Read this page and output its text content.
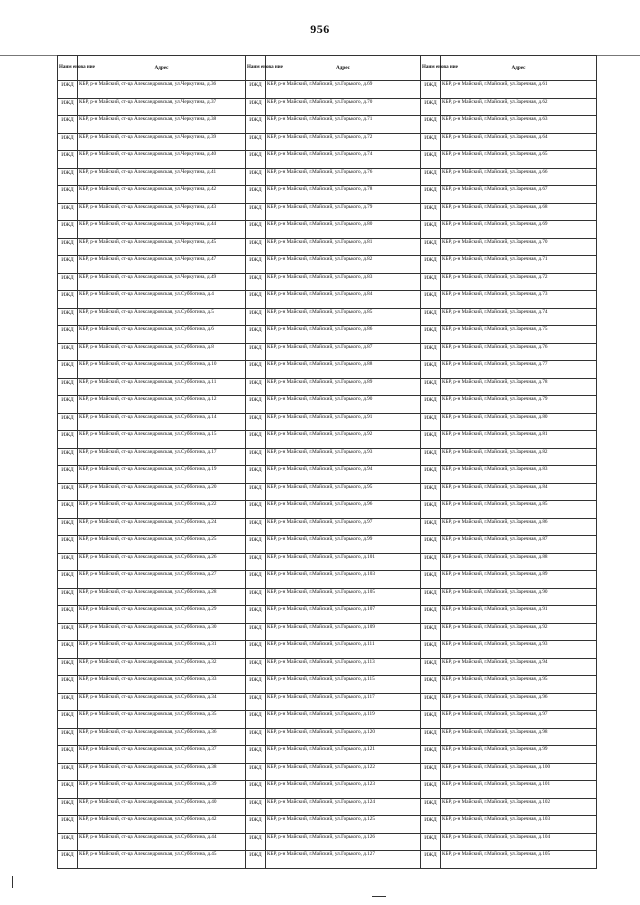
956
Наим енова ние	Адрес	Наим енова ние	Адрес	Наим енова ние	Адрес
ИЖД	КБР, р-н Майский, ст-ца Александровская, ул.Черкутина, д.36	ИЖД	КБР, р-н Майский, г.Майский, ул.Горького, д.69	ИЖД	КБР, р-н Майский, г.Майский, ул.Заречная, д.61
ИЖД	КБР, р-н Майский, ст-ца Александровская, ул.Черкутина, д.37	ИЖД	КБР, р-н Майский, г.Майский, ул.Горького, д.70	ИЖД	КБР, р-н Майский, г.Майский, ул.Заречная, д.62
ИЖД	КБР, р-н Майский, ст-ца Александровская, ул.Черкутина, д.38	ИЖД	КБР, р-н Майский, г.Майский, ул.Горького, д.71	ИЖД	КБР, р-н Майский, г.Майский, ул.Заречная, д.63
ИЖД	КБР, р-н Майский, ст-ца Александровская, ул.Черкутина, д.39	ИЖД	КБР, р-н Майский, г.Майский, ул.Горького, д.72	ИЖД	КБР, р-н Майский, г.Майский, ул.Заречная, д.64
ИЖД	КБР, р-н Майский, ст-ца Александровская, ул.Черкутина, д.40	ИЖД	КБР, р-н Майский, г.Майский, ул.Горького, д.74	ИЖД	КБР, р-н Майский, г.Майский, ул.Заречная, д.65
ИЖД	КБР, р-н Майский, ст-ца Александровская, ул.Черкутина, д.41	ИЖД	КБР, р-н Майский, г.Майский, ул.Горького, д.76	ИЖД	КБР, р-н Майский, г.Майский, ул.Заречная, д.66
ИЖД	КБР, р-н Майский, ст-ца Александровская, ул.Черкутина, д.42	ИЖД	КБР, р-н Майский, г.Майский, ул.Горького, д.78	ИЖД	КБР, р-н Майский, г.Майский, ул.Заречная, д.67
ИЖД	КБР, р-н Майский, ст-ца Александровская, ул.Черкутина, д.43	ИЖД	КБР, р-н Майский, г.Майский, ул.Горького, д.79	ИЖД	КБР, р-н Майский, г.Майский, ул.Заречная, д.68
ИЖД	КБР, р-н Майский, ст-ца Александровская, ул.Черкутина, д.44	ИЖД	КБР, р-н Майский, г.Майский, ул.Горького, д.80	ИЖД	КБР, р-н Майский, г.Майский, ул.Заречная, д.69
ИЖД	КБР, р-н Майский, ст-ца Александровская, ул.Черкутина, д.45	ИЖД	КБР, р-н Майский, г.Майский, ул.Горького, д.81	ИЖД	КБР, р-н Майский, г.Майский, ул.Заречная, д.70
ИЖД	КБР, р-н Майский, ст-ца Александровская, ул.Черкутина, д.47	ИЖД	КБР, р-н Майский, г.Майский, ул.Горького, д.82	ИЖД	КБР, р-н Майский, г.Майский, ул.Заречная, д.71
ИЖД	КБР, р-н Майский, ст-ца Александровская, ул.Черкутина, д.49	ИЖД	КБР, р-н Майский, г.Майский, ул.Горького, д.83	ИЖД	КБР, р-н Майский, г.Майский, ул.Заречная, д.72
ИЖД	КБР, р-н Майский, ст-ца Александровская, ул.Субботина, д.4	ИЖД	КБР, р-н Майский, г.Майский, ул.Горького, д.84	ИЖД	КБР, р-н Майский, г.Майский, ул.Заречная, д.73
ИЖД	КБР, р-н Майский, ст-ца Александровская, ул.Субботина, д.5	ИЖД	КБР, р-н Майский, г.Майский, ул.Горького, д.85	ИЖД	КБР, р-н Майский, г.Майский, ул.Заречная, д.74
ИЖД	КБР, р-н Майский, ст-ца Александровская, ул.Субботина, д.6	ИЖД	КБР, р-н Майский, г.Майский, ул.Горького, д.86	ИЖД	КБР, р-н Майский, г.Майский, ул.Заречная, д.75
ИЖД	КБР, р-н Майский, ст-ца Александровская, ул.Субботина, д.8	ИЖД	КБР, р-н Майский, г.Майский, ул.Горького, д.87	ИЖД	КБР, р-н Майский, г.Майский, ул.Заречная, д.76
ИЖД	КБР, р-н Майский, ст-ца Александровская, ул.Субботина, д.10	ИЖД	КБР, р-н Майский, г.Майский, ул.Горького, д.88	ИЖД	КБР, р-н Майский, г.Майский, ул.Заречная, д.77
ИЖД	КБР, р-н Майский, ст-ца Александровская, ул.Субботина, д.11	ИЖД	КБР, р-н Майский, г.Майский, ул.Горького, д.89	ИЖД	КБР, р-н Майский, г.Майский, ул.Заречная, д.78
ИЖД	КБР, р-н Майский, ст-ца Александровская, ул.Субботина, д.12	ИЖД	КБР, р-н Майский, г.Майский, ул.Горького, д.90	ИЖД	КБР, р-н Майский, г.Майский, ул.Заречная, д.79
ИЖД	КБР, р-н Майский, ст-ца Александровская, ул.Субботина, д.14	ИЖД	КБР, р-н Майский, г.Майский, ул.Горького, д.91	ИЖД	КБР, р-н Майский, г.Майский, ул.Заречная, д.80
ИЖД	КБР, р-н Майский, ст-ца Александровская, ул.Субботина, д.15	ИЖД	КБР, р-н Майский, г.Майский, ул.Горького, д.92	ИЖД	КБР, р-н Майский, г.Майский, ул.Заречная, д.81
ИЖД	КБР, р-н Майский, ст-ца Александровская, ул.Субботина, д.17	ИЖД	КБР, р-н Майский, г.Майский, ул.Горького, д.93	ИЖД	КБР, р-н Майский, г.Майский, ул.Заречная, д.82
ИЖД	КБР, р-н Майский, ст-ца Александровская, ул.Субботина, д.19	ИЖД	КБР, р-н Майский, г.Майский, ул.Горького, д.94	ИЖД	КБР, р-н Майский, г.Майский, ул.Заречная, д.83
ИЖД	КБР, р-н Майский, ст-ца Александровская, ул.Субботина, д.20	ИЖД	КБР, р-н Майский, г.Майский, ул.Горького, д.95	ИЖД	КБР, р-н Майский, г.Майский, ул.Заречная, д.84
ИЖД	КБР, р-н Майский, ст-ца Александровская, ул.Субботина, д.22	ИЖД	КБР, р-н Майский, г.Майский, ул.Горького, д.96	ИЖД	КБР, р-н Майский, г.Майский, ул.Заречная, д.85
ИЖД	КБР, р-н Майский, ст-ца Александровская, ул.Субботина, д.24	ИЖД	КБР, р-н Майский, г.Майский, ул.Горького, д.97	ИЖД	КБР, р-н Майский, г.Майский, ул.Заречная, д.86
ИЖД	КБР, р-н Майский, ст-ца Александровская, ул.Субботина, д.25	ИЖД	КБР, р-н Майский, г.Майский, ул.Горького, д.99	ИЖД	КБР, р-н Майский, г.Майский, ул.Заречная, д.87
ИЖД	КБР, р-н Майский, ст-ца Александровская, ул.Субботина, д.26	ИЖД	КБР, р-н Майский, г.Майский, ул.Горького, д.101	ИЖД	КБР, р-н Майский, г.Майский, ул.Заречная, д.88
ИЖД	КБР, р-н Майский, ст-ца Александровская, ул.Субботина, д.27	ИЖД	КБР, р-н Майский, г.Майский, ул.Горького, д.103	ИЖД	КБР, р-н Майский, г.Майский, ул.Заречная, д.89
ИЖД	КБР, р-н Майский, ст-ца Александровская, ул.Субботина, д.28	ИЖД	КБР, р-н Майский, г.Майский, ул.Горького, д.105	ИЖД	КБР, р-н Майский, г.Майский, ул.Заречная, д.90
ИЖД	КБР, р-н Майский, ст-ца Александровская, ул.Субботина, д.29	ИЖД	КБР, р-н Майский, г.Майский, ул.Горького, д.107	ИЖД	КБР, р-н Майский, г.Майский, ул.Заречная, д.91
ИЖД	КБР, р-н Майский, ст-ца Александровская, ул.Субботина, д.30	ИЖД	КБР, р-н Майский, г.Майский, ул.Горького, д.109	ИЖД	КБР, р-н Майский, г.Майский, ул.Заречная, д.92
ИЖД	КБР, р-н Майский, ст-ца Александровская, ул.Субботина, д.31	ИЖД	КБР, р-н Майский, г.Майский, ул.Горького, д.111	ИЖД	КБР, р-н Майский, г.Майский, ул.Заречная, д.93
ИЖД	КБР, р-н Майский, ст-ца Александровская, ул.Субботина, д.32	ИЖД	КБР, р-н Майский, г.Майский, ул.Горького, д.113	ИЖД	КБР, р-н Майский, г.Майский, ул.Заречная, д.94
ИЖД	КБР, р-н Майский, ст-ца Александровская, ул.Субботина, д.33	ИЖД	КБР, р-н Майский, г.Майский, ул.Горького, д.115	ИЖД	КБР, р-н Майский, г.Майский, ул.Заречная, д.95
ИЖД	КБР, р-н Майский, ст-ца Александровская, ул.Субботина, д.34	ИЖД	КБР, р-н Майский, г.Майский, ул.Горького, д.117	ИЖД	КБР, р-н Майский, г.Майский, ул.Заречная, д.96
ИЖД	КБР, р-н Майский, ст-ца Александровская, ул.Субботина, д.35	ИЖД	КБР, р-н Майский, г.Майский, ул.Горького, д.119	ИЖД	КБР, р-н Майский, г.Майский, ул.Заречная, д.97
ИЖД	КБР, р-н Майский, ст-ца Александровская, ул.Субботина, д.36	ИЖД	КБР, р-н Майский, г.Майский, ул.Горького, д.120	ИЖД	КБР, р-н Майский, г.Майский, ул.Заречная, д.98
ИЖД	КБР, р-н Майский, ст-ца Александровская, ул.Субботина, д.37	ИЖД	КБР, р-н Майский, г.Майский, ул.Горького, д.121	ИЖД	КБР, р-н Майский, г.Майский, ул.Заречная, д.99
ИЖД	КБР, р-н Майский, ст-ца Александровская, ул.Субботина, д.38	ИЖД	КБР, р-н Майский, г.Майский, ул.Горького, д.122	ИЖД	КБР, р-н Майский, г.Майский, ул.Заречная, д.100
ИЖД	КБР, р-н Майский, ст-ца Александровская, ул.Субботина, д.39	ИЖД	КБР, р-н Майский, г.Майский, ул.Горького, д.123	ИЖД	КБР, р-н Майский, г.Майский, ул.Заречная, д.101
ИЖД	КБР, р-н Майский, ст-ца Александровская, ул.Субботина, д.40	ИЖД	КБР, р-н Майский, г.Майский, ул.Горького, д.124	ИЖД	КБР, р-н Майский, г.Майский, ул.Заречная, д.102
ИЖД	КБР, р-н Майский, ст-ца Александровская, ул.Субботина, д.42	ИЖД	КБР, р-н Майский, г.Майский, ул.Горького, д.125	ИЖД	КБР, р-н Майский, г.Майский, ул.Заречная, д.103
ИЖД	КБР, р-н Майский, ст-ца Александровская, ул.Субботина, д.44	ИЖД	КБР, р-н Майский, г.Майский, ул.Горького, д.126	ИЖД	КБР, р-н Майский, г.Майский, ул.Заречная, д.104
ИЖД	КБР, р-н Майский, ст-ца Александровская, ул.Субботина, д.45	ИЖД	КБР, р-н Майский, г.Майский, ул.Горького, д.127	ИЖД	КБР, р-н Майский, г.Майский, ул.Заречная, д.105
